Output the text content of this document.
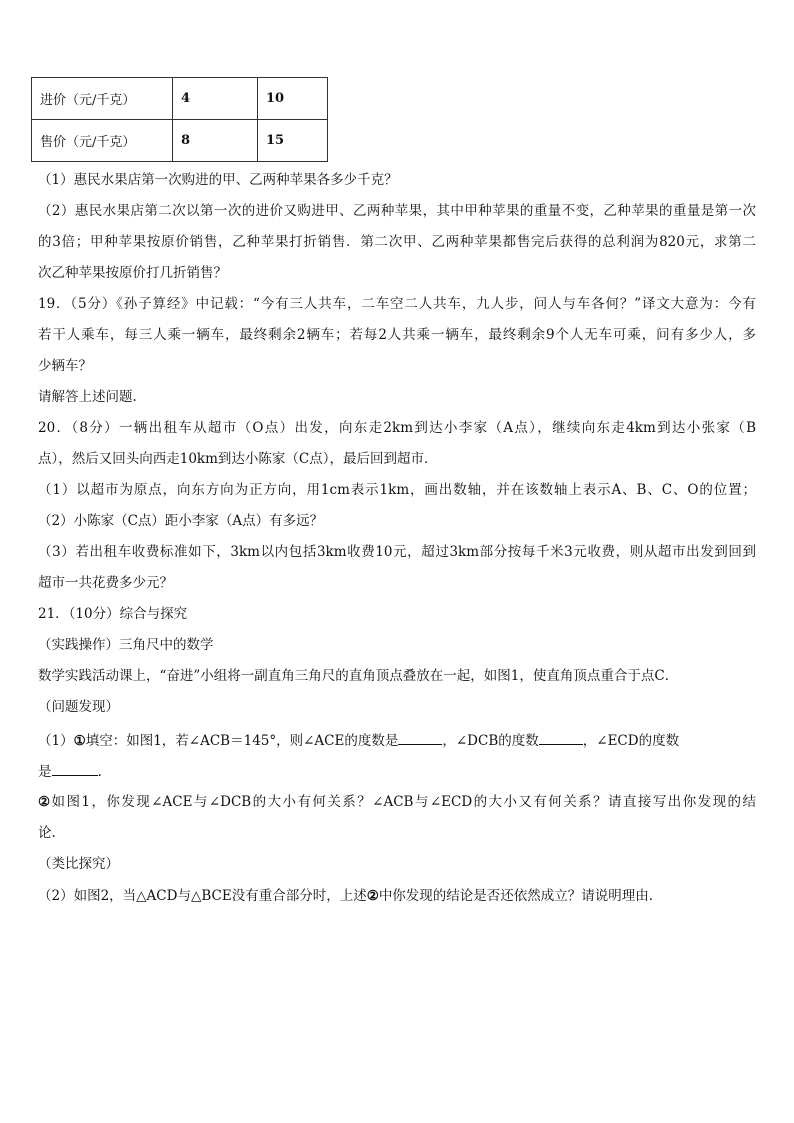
进价（元/千克）	4	10
售价（元/千克）	8	15
（1）惠民水果店第一次购进的甲、乙两种苹果各多少千克？
（2）惠民水果店第二次以第一次的进价又购进甲、乙两种苹果，其中甲种苹果的重量不变，乙种苹果的重量是第一次
的3倍；甲种苹果按原价销售，乙种苹果打折销售．第二次甲、乙两种苹果都售完后获得的总利润为820元，求第二
次乙种苹果按原价打几折销售？
19．（5分）《孙子算经》中记载：“今有三人共车，二车空二人共车，九人步，问人与车各何？”译文大意为：今有
若干人乘车，每三人乘一辆车，最终剩余2辆车；若每2人共乘一辆车，最终剩余9个人无车可乘，问有多少人，多
少辆车？
请解答上述问题.
20．（8分）一辆出租车从超市（O点）出发，向东走2km到达小李家（A点），继续向东走4km到达小张家（B
点），然后又回头向西走10km到达小陈家（C点），最后回到超市．
（1）以超市为原点，向东方向为正方向，用1cm表示1km，画出数轴，并在该数轴上表示A、B、C、O的位置；
（2）小陈家（C点）距小李家（A点）有多远？
（3）若出租车收费标准如下，3km以内包括3km收费10元，超过3km部分按每千米3元收费，则从超市出发到回到
超市一共花费多少元？
21．（10分）综合与探究
（实践操作）三角尺中的数学
数学实践活动课上，“奋进”小组将一副直角三角尺的直角顶点叠放在一起，如图1，使直角顶点重合于点C．
（问题发现）
（1）①填空：如图1，若∠ACB＝145°，则∠ACE的度数是	，∠DCB的度数	，∠ECD的度数
是	.
②如图1，你发现∠ACE与∠DCB的大小有何关系？∠ACB与∠ECD的大小又有何关系？请直接写出你发现的结
论.
（类比探究）
（2）如图2，当△ACD与△BCE没有重合部分时，上述②中你发现的结论是否还依然成立？请说明理由.
